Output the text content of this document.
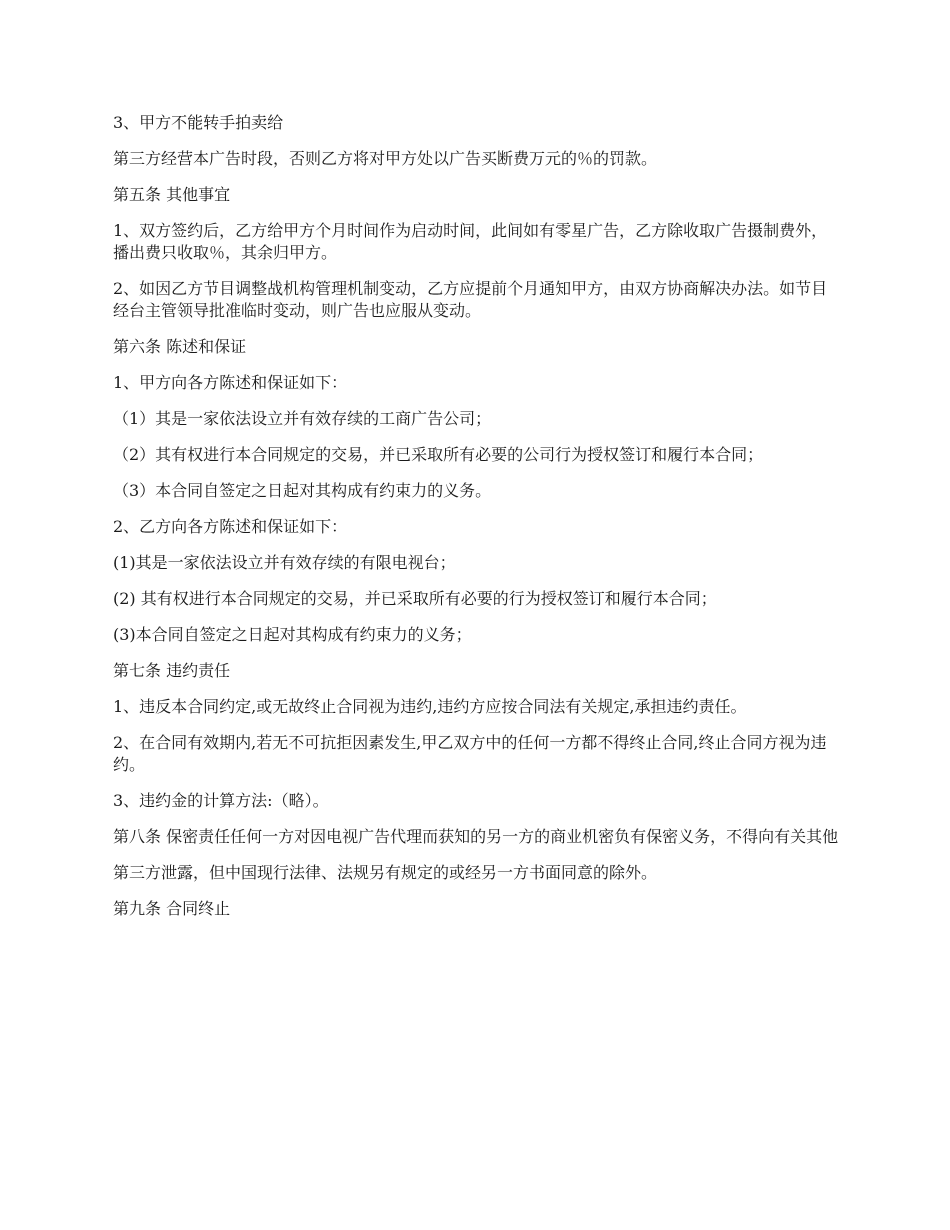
3、甲方不能转手拍卖给

第三方经营本广告时段，否则乙方将对甲方处以广告买断费万元的％的罚款。

第五条 其他事宜

1、双方签约后，乙方给甲方个月时间作为启动时间，此间如有零星广告，乙方除收取广告摄制费外，播出费只收取％，其余归甲方。

2、如因乙方节目调整战机构管理机制变动，乙方应提前个月通知甲方，由双方协商解决办法。如节目经台主管领导批准临时变动，则广告也应服从变动。

第六条 陈述和保证

1、甲方向各方陈述和保证如下：

（1）其是一家依法设立并有效存续的工商广告公司；

（2）其有权进行本合同规定的交易，并已采取所有必要的公司行为授权签订和履行本合同；

（3）本合同自签定之日起对其构成有约束力的义务。

2、乙方向各方陈述和保证如下：

(1)其是一家依法设立并有效存续的有限电视台；

(2) 其有权进行本合同规定的交易，并已采取所有必要的行为授权签订和履行本合同；

(3)本合同自签定之日起对其构成有约束力的义务；

第七条 违约责任

1、违反本合同约定,或无故终止合同视为违约,违约方应按合同法有关规定,承担违约责任。

2、在合同有效期内,若无不可抗拒因素发生,甲乙双方中的任何一方都不得终止合同,终止合同方视为违约。

3、违约金的计算方法:（略）。

第八条 保密责任任何一方对因电视广告代理而获知的另一方的商业机密负有保密义务，不得向有关其他

第三方泄露，但中国现行法律、法规另有规定的或经另一方书面同意的除外。

第九条 合同终止
